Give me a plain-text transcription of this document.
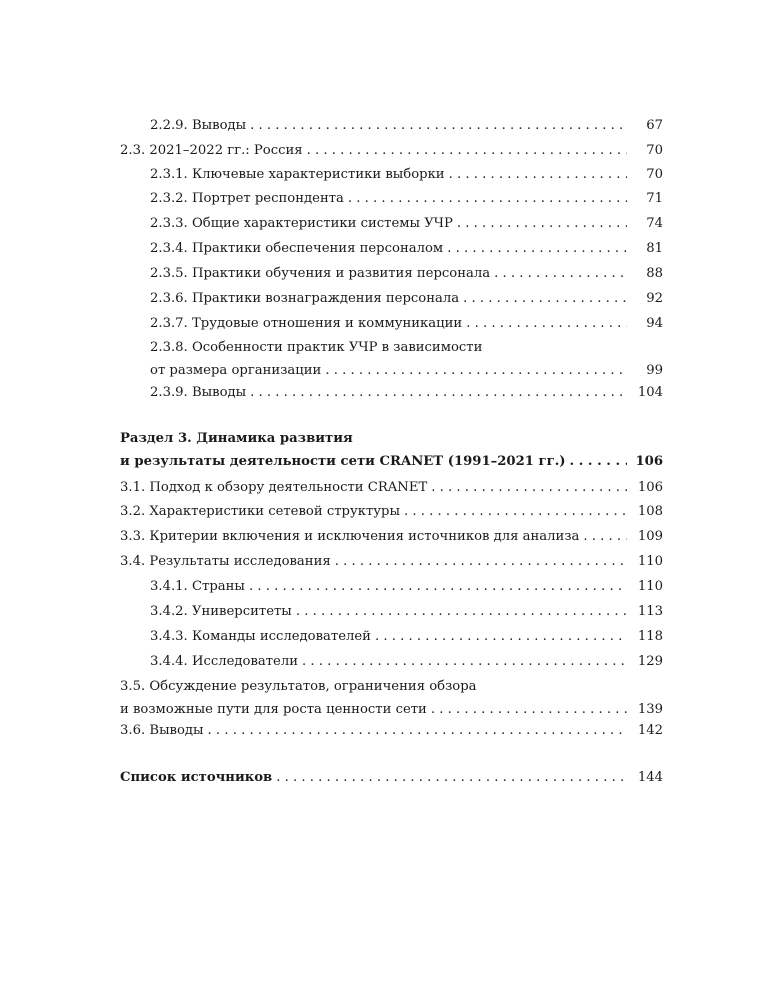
2.2.9. Выводы . . .	67
2.3. 2021–2022 гг.: Россия . . .	70
2.3.1. Ключевые характеристики выборки . . .	70
2.3.2. Портрет респондента . . .	71
2.3.3. Общие характеристики системы УЧР . . .	74
2.3.4. Практики обеспечения персоналом . . .	81
2.3.5. Практики обучения и развития персонала . . .	88
2.3.6. Практики вознаграждения персонала . . .	92
2.3.7. Трудовые отношения и коммуникации . . .	94
2.3.8. Особенности практик УЧР в зависимости
от размера организации . . .	99
2.3.9. Выводы . . .	104
Раздел 3. Динамика развития
и результаты деятельности сети CRANET (1991–2021 гг.) . . .	106
3.1. Подход к обзору деятельности CRANET . . .	106
3.2. Характеристики сетевой структуры . . .	108
3.3. Критерии включения и исключения источников для анализа . . .	109
3.4. Результаты исследования . . .	110
3.4.1. Страны . . .	110
3.4.2. Университеты . . .	113
3.4.3. Команды исследователей . . .	118
3.4.4. Исследователи . . .	129
3.5. Обсуждение результатов, ограничения обзора
и возможные пути для роста ценности сети . . .	139
3.6. Выводы . . .	142
Список источников . . .	144
